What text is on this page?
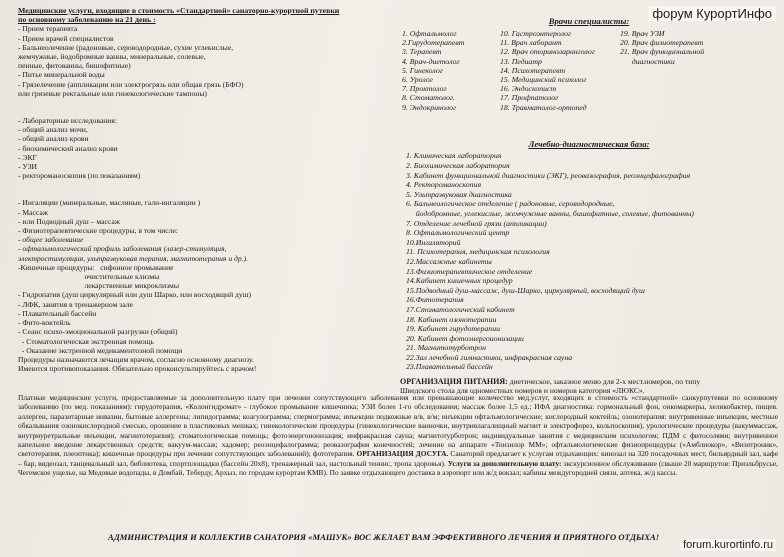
Медицинские услуги, входящие в стоимость «Стандартной» санаторно-курортной путевки
по основному заболеванию на 21 день :
- Прием терапевта
- Прием врачей специалистов
- Бальнеолечение (радоновые, сероводородные, сухие углекислые,
жемчужные, йодобромные ванны, минеральные, солевые,
пенные, фитованны, бишофитные)
- Питье минеральной воды
- Грязелечение (аппликации или электрогрязь или общая грязь (БФО)
или грязевые ректальные или гинекологические тампоны)
- Лабораторные исследования:
- общий анализ мочи,
- общий анализ крови
- биохимический анализ крови
- ЭКГ
- УЗИ
- ректороманоскопия (по показаниям)
- Ингаляции (минеральные, масляные, гали-ингаляции )
- Массаж
- или Подводный душ – массаж
- Физиотерапевтические процедуры, в том числе:
- общее заболевание
- офтальмологический профиль заболевания (лазер-стимуляция,
электростимуляция, ультразвуковая терапия, магнитотерапия и др.).
-Кишечные процедуры:   сифонное промывание
очистительные клизмы
лекарственные микроклизмы
- Гидропатия (душ циркулярный или душ Шарко, или восходящий душ)
- ЛФК, занятия в тренажерном зале
- Плавательный бассейн
- Фито-коктейль
- Сеанс психо-эмоциональной разгрузки (общий)
- Стоматологическая экстренная помощь
- Оказание экстренной медикаментозной помощи
Процедуры назначаются лечащим врачом, согласно основному диагнозу.
Имеются противопоказания. Обязательно проконсультируйтесь с врачом!
Врачи специалисты:
1. Офтальмолог
2.Гирудотерапевт
3. Терапевт
4. Врач-диетолог
5. Гинеколог
6. Уролог
7. Проктолог
8. Стоматолог.
9. Эндокринолог
10. Гастроэнтеролог
11. Врач лаборант
12. Врач оториноларинголог
13. Педиатр
14. Психотерапевт
15. Медицинский психолог
16. Эндоскопист
17. Профпатолог
18. Травматолог-ортопед
19. Врач УЗИ
20. Врач физиотерапевт
21. Врач функциональной
диагностики
Лечебно-диагностическая база:
1. Клиническая лаборатория
2. Биохимическая лаборатория
3. Кабинет функциональной диагностики (ЭКГ), реовазография, реоэнцефалография
4. Ректороманоскопия
5. Ультразвуковая диагностика
6. Бальнеологическое отделение ( радоновые, сероводородные,
йодобромные, углекислые, жемчужные ванны, бишофитные, солевые, фитованны)
7. Отделение лечебной грязи (аппликации)
8. Офтальмологический центр
10.Ингаляторий
11. Психотерапия, медицинская психология
12.Массажные кабинеты
13.Физиотерапевтическое отделение
14.Кабинет кишечных процедур
15.Подводный душ-массаж, душ-Шарко, циркулярный, восходящий душ
16.Фитотерапия
17.Стоматологический кабинет
18. Кабинет озонотерапии
19. Кабинет гирудотерапии
20. Кабинет фотоэнергоионизации
21. Магнитотурботрон
22.Зал лечебной гимнастики, инфракрасная сауна
23.Плавательный бассейн
ОРГАНИЗАЦИЯ ПИТАНИЯ: диетическое, заказное меню для 2-х мест.номеров, по типу
Шведского стола для одноместных номеров и номеров категория «ЛЮКС».
Платные медицинские услуги, предоставляемые за дополнительную плату при лечении сопутствующего заболевания или превышающие количество мед.услуг, входящих в стоимость «стандартной» санкурпутевки по основному заболеванию (по мед. показаниям): гирудотерапия, «Колонгидромат» - глубокое промывание кишечника; УЗИ более 1-го обследования; массаж более 1,5 ед.; ИФА диагностика: гормональный фон, онкомаркеры, хеликобактер, пищев. аллерген, паразитарные инвазии, бытовые аллергены; липидограмма; коагулограмма; спермограмма; инъекции подкожные в/в, в/м; инъекции офтальмологические; кислородный коктейль; озонотерапия: внутривенные инъекции, местные обкалывания озонокислородной смесью, орошение в пластиковых мешках; гинекологические процедуры (гинекологические ванночки, внутривлагалищный магнит и электрофорез, кольпоскопия), урологические процедуры (вакуммассаж, внутриуретральные инъекции, магнитотерапия); стоматологическая помощь; фотоэнергоионизация; инфракрасная сауна; магнитотурботрон; индивидуальные занятия с медицинским психологом; ПДМ с фитосолями; внутривенное капельное введение лекарственных средств; вакуум-массаж; хадомер; реоэнцефалограмма; реовазография конечностей; лечение на аппарате «Тонзилор ММ»; офтальмологические физиопроцедуры («Амблиокор», «Визотроник», светотерапия, плеоптика); кишечные процедуры при лечении сопутствующих заболеваний); фототерапия. ОРГАНИЗАЦИЯ ДОСУГА. Санаторий предлагает к услугам отдыхающих: кинозал на 320 посадочных мест, бильярдный зал, кафе – бар, видеозал, танцевальный зал, библиотека, спортплощадки (бассейн 20х8), тренажерный зал, настольный теннис, тропа здоровья). Услуги за дополнительную плату: экскурсионное обслуживание (свыше 20 маршрутов: Приэльбрусье, Чегемское ущелье, на Медовые водопады, в Домбай, Теберду, Архыз, по городам курортам КМВ). По заявке отдыхающего доставка в аэропорт или ж/д вокзал; кабины междугородней связи, аптека, ж/д кассы.
АДМИНИСТРАЦИЯ И КОЛЛЕКТИВ САНАТОРИЯ «МАШУК» ВОС ЖЕЛАЕТ ВАМ ЭФФЕКТИВНОГО ЛЕЧЕНИЯ И ПРИЯТНОГО ОТДЫХА!
форум КурортИнфо
forum.kurortinfo.ru
